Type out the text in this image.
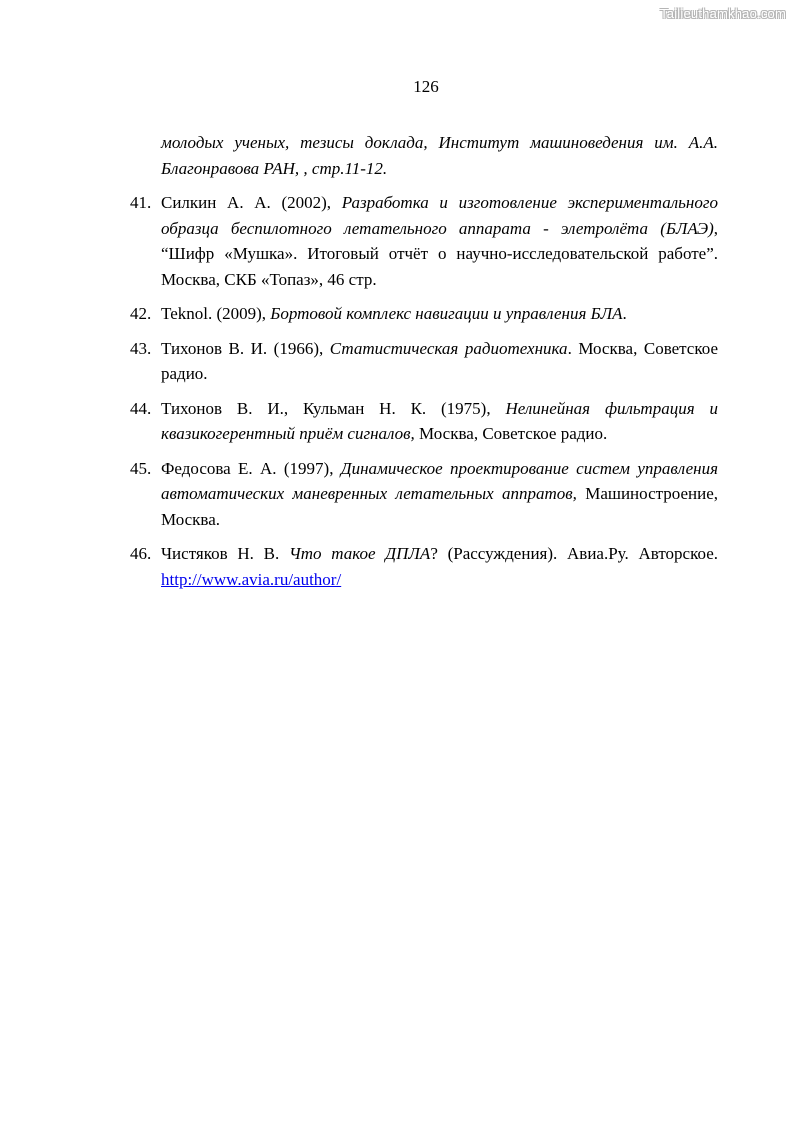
Tailieuthamkhao.com
126
молодых ученых, тезисы доклада, Институт машиноведения им. А.А. Благонравова РАН, , стр.11-12.
41. Силкин А. А. (2002), Разработка и изготовление экспериментального образца беспилотного летательного аппарата - элетролёта (БЛАЭ), “Шифр «Мушка». Итоговый отчёт о научно-исследовательской работе”. Москва, СКБ «Топаз», 46 стр.
42. Teknol. (2009), Бортовой комплекс навигации и управления БЛА.
43. Тихонов В. И. (1966), Статистическая радиотехника. Москва, Советское радио.
44. Тихонов В. И., Кульман Н. К. (1975), Нелинейная фильтрация и квазикогерентный приём сигналов, Москва, Советское радио.
45. Федосова Е. А. (1997), Динамическое проектирование систем управления автоматических маневренных летательных аппратов, Машиностроение, Москва.
46. Чистяков Н. В. Что такое ДПЛА? (Рассуждения). Авиа.Ру. Авторское. http://www.avia.ru/author/
